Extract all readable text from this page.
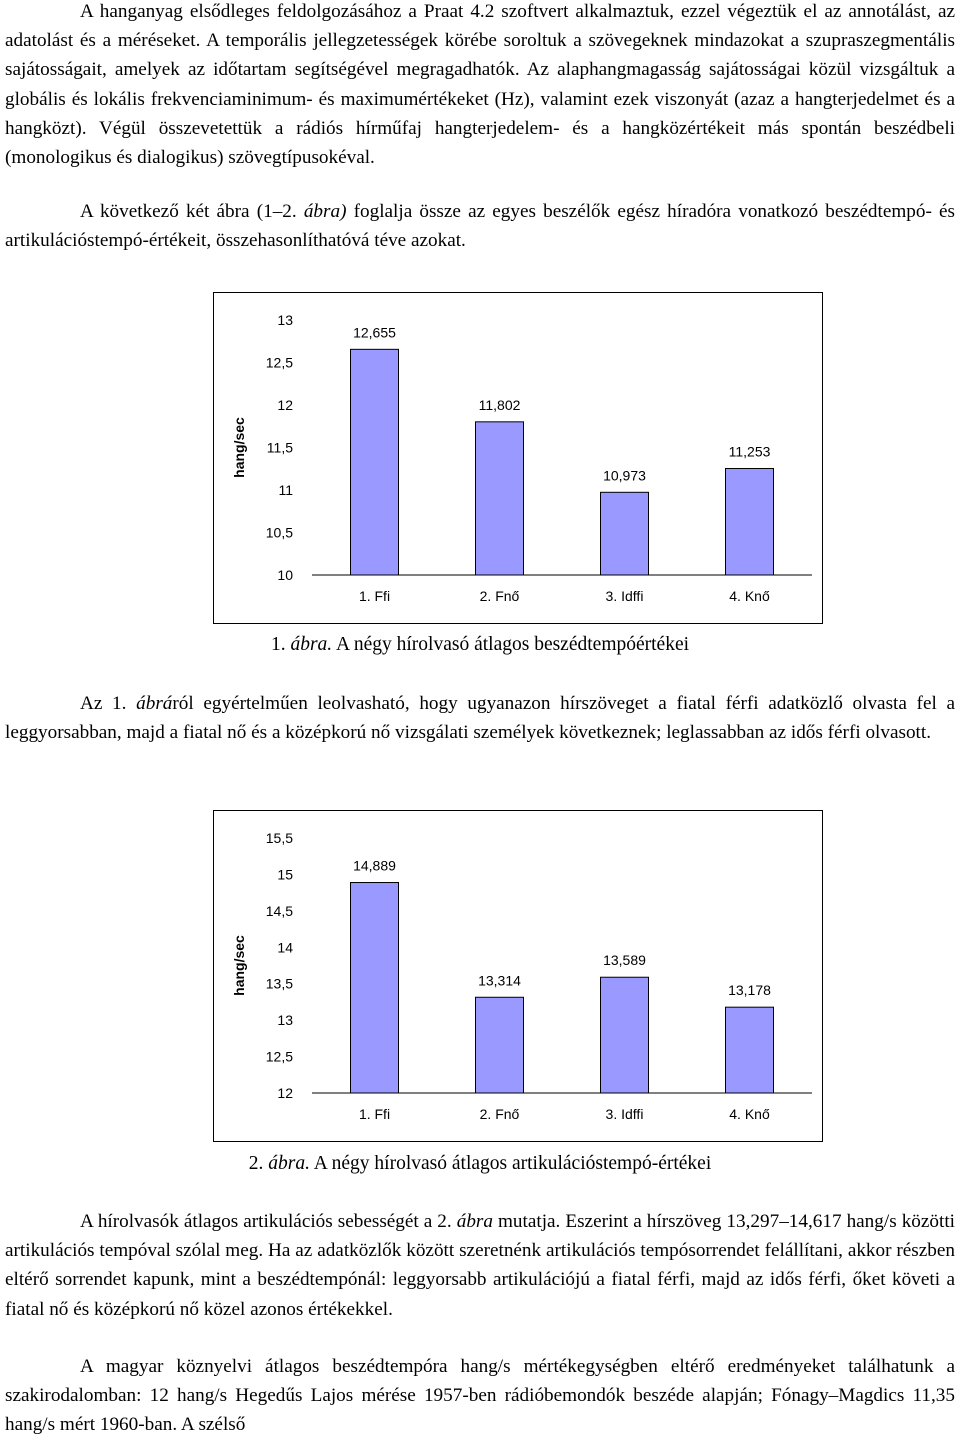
A hanganyag elsődleges feldolgozásához a Praat 4.2 szoftvert alkalmaztuk, ezzel végeztük el az annotálást, az adatolást és a méréseket. A temporális jellegzetességek körébe soroltuk a szövegeknek mindazokat a szupraszegmentális sajátosságait, amelyek az időtartam segítségével megragadhatók. Az alaphangmagasság sajátosságai közül vizsgáltuk a globális és lokális frekvenciaminimum- és maximumértékeket (Hz), valamint ezek viszonyát (azaz a hangterjedelmet és a hangközt). Végül összevetettük a rádiós hírműfaj hangterjedelem- és a hangközértékeit más spontán beszédbeli (monologikus és dialogikus) szövegtípusokéval.

A következő két ábra (1–2. ábra) foglalja össze az egyes beszélők egész híradóra vonatkozó beszédtempó- és artikulációstempó-értékeit, összehasonlíthatóvá téve azokat.

hang/sec
10
10,5
11
11,5
12
12,5
13
12,655
1. Ffi
11,802
2. Fnő
10,973
3. Idffi
11,253
4. Knő
1. ábra. A négy hírolvasó átlagos beszédtempóértékei

Az 1. ábráról egyértelműen leolvasható, hogy ugyanazon hírszöveget a fiatal férfi adatközlő olvasta fel a leggyorsabban, majd a fiatal nő és a középkorú nő vizsgálati személyek következnek; leglassabban az idős férfi olvasott.

hang/sec
12
12,5
13
13,5
14
14,5
15
15,5
14,889
1. Ffi
13,314
2. Fnő
13,589
3. Idffi
13,178
4. Knő
2. ábra. A négy hírolvasó átlagos artikulációstempó-értékei

A hírolvasók átlagos artikulációs sebességét a 2. ábra mutatja. Eszerint a hírszöveg 13,297–14,617 hang/s közötti artikulációs tempóval szólal meg. Ha az adatközlők között szeretnénk artikulációs tempósorrendet felállítani, akkor részben eltérő sorrendet kapunk, mint a beszédtempónál: leggyorsabb artikulációjú a fiatal férfi, majd az idős férfi, őket követi a fiatal nő és középkorú nő közel azonos értékekkel.

A magyar köznyelvi átlagos beszédtempóra hang/s mértékegységben eltérő eredményeket találhatunk a szakirodalomban: 12 hang/s Hegedűs Lajos mérése 1957-ben rádióbemondók beszéde alapján; Fónagy–Magdics 11,35 hang/s mért 1960-ban. A szélső
